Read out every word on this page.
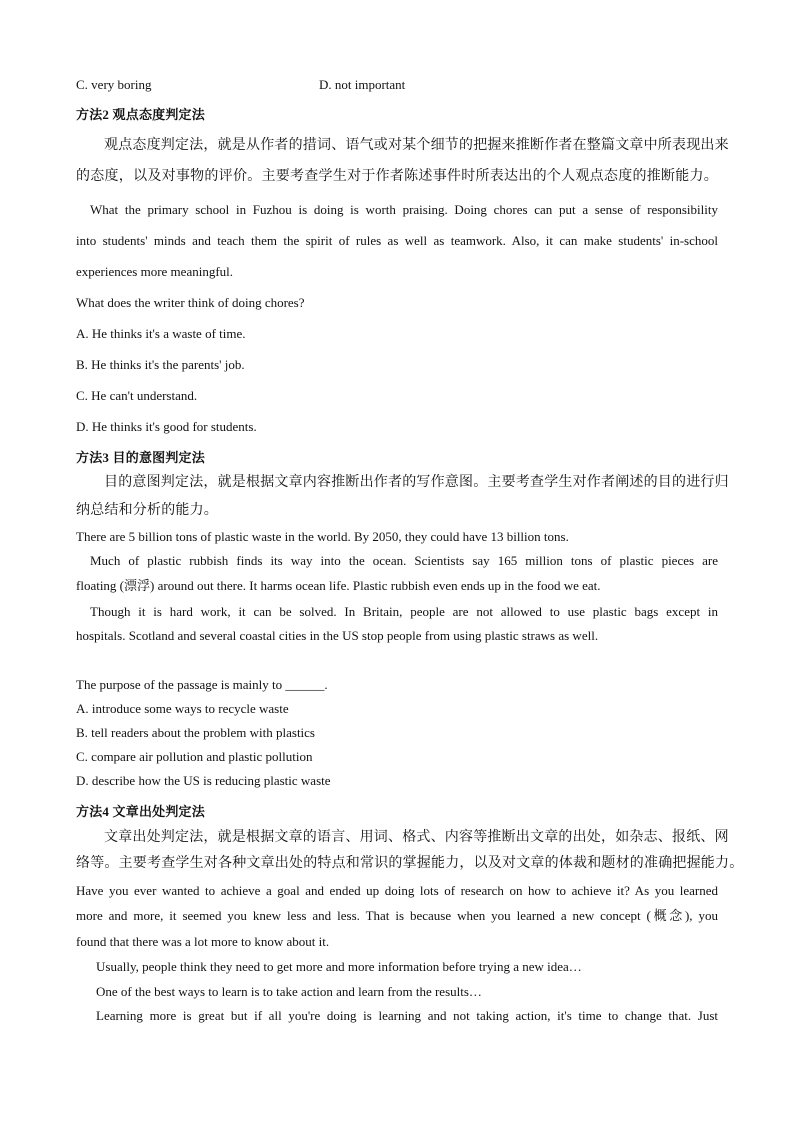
C. very boring	D. not important
方法2 观点态度判定法
观点态度判定法，就是从作者的措词、语气或对某个细节的把握来推断作者在整篇文章中所表现出来
的态度，以及对事物的评价。主要考查学生对于作者陈述事件时所表达出的个人观点态度的推断能力。
What the primary school in Fuzhou is doing is worth praising. Doing chores can put a sense of responsibility
into students' minds and teach them the spirit of rules as well as teamwork. Also, it can make students' in-school
experiences more meaningful.
What does the writer think of doing chores?
A. He thinks it's a waste of time.
B. He thinks it's the parents' job.
C. He can't understand.
D. He thinks it's good for students.
方法3 目的意图判定法
目的意图判定法，就是根据文章内容推断出作者的写作意图。主要考查学生对作者阐述的目的进行归
纳总结和分析的能力。
There are 5 billion tons of plastic waste in the world. By 2050, they could have 13 billion tons.
Much of plastic rubbish finds its way into the ocean. Scientists say 165 million tons of plastic pieces are
floating (漂浮) around out there. It harms ocean life. Plastic rubbish even ends up in the food we eat.
Though it is hard work, it can be solved. In Britain, people are not allowed to use plastic bags except in
hospitals. Scotland and several coastal cities in the US stop people from using plastic straws as well.
The purpose of the passage is mainly to ______.
A. introduce some ways to recycle waste
B. tell readers about the problem with plastics
C. compare air pollution and plastic pollution
D. describe how the US is reducing plastic waste
方法4 文章出处判定法
文章出处判定法，就是根据文章的语言、用词、格式、内容等推断出文章的出处，如杂志、报纸、网
络等。主要考查学生对各种文章出处的特点和常识的掌握能力，以及对文章的体裁和题材的准确把握能力。
Have you ever wanted to achieve a goal and ended up doing lots of research on how to achieve it? As you learned
more and more, it seemed you knew less and less. That is because when you learned a new concept (概念), you
found that there was a lot more to know about it.
Usually, people think they need to get more and more information before trying a new idea…
One of the best ways to learn is to take action and learn from the results…
Learning more is great but if all you're doing is learning and not taking action, it's time to change that. Just
